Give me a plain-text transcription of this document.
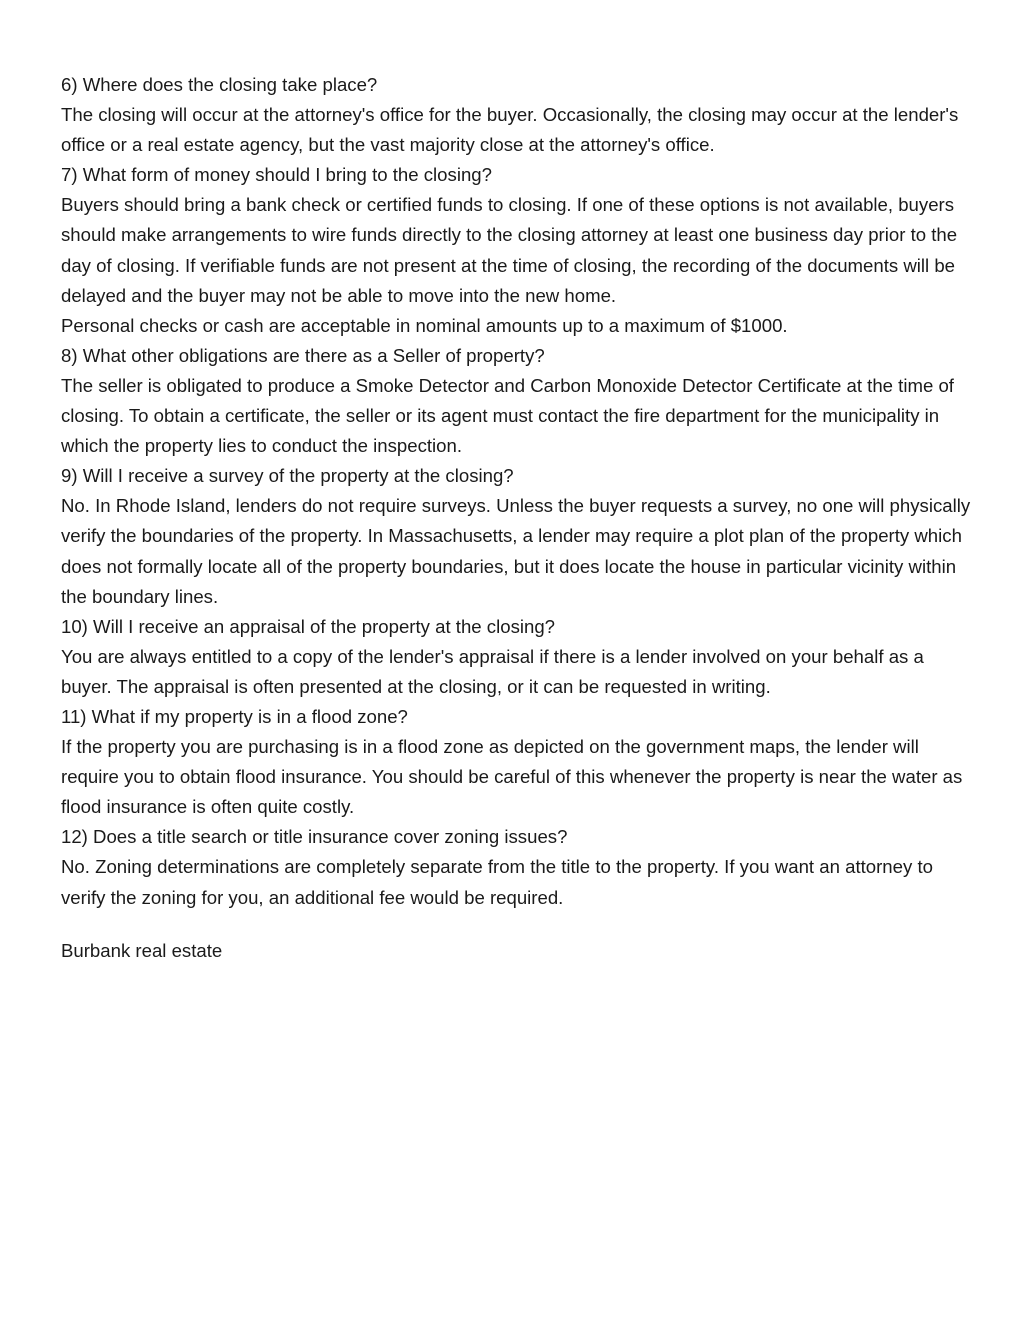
6) Where does the closing take place?

The closing will occur at the attorney's office for the buyer. Occasionally, the closing may occur at the lender's office or a real estate agency, but the vast majority close at the attorney's office.

7) What form of money should I bring to the closing?

Buyers should bring a bank check or certified funds to closing. If one of these options is not available, buyers should make arrangements to wire funds directly to the closing attorney at least one business day prior to the day of closing. If verifiable funds are not present at the time of closing, the recording of the documents will be delayed and the buyer may not be able to move into the new home.

Personal checks or cash are acceptable in nominal amounts up to a maximum of $1000.

8) What other obligations are there as a Seller of property?

The seller is obligated to produce a Smoke Detector and Carbon Monoxide Detector Certificate at the time of closing. To obtain a certificate, the seller or its agent must contact the fire department for the municipality in which the property lies to conduct the inspection.

9) Will I receive a survey of the property at the closing?

No. In Rhode Island, lenders do not require surveys. Unless the buyer requests a survey, no one will physically verify the boundaries of the property. In Massachusetts, a lender may require a plot plan of the property which does not formally locate all of the property boundaries, but it does locate the house in particular vicinity within the boundary lines.

10) Will I receive an appraisal of the property at the closing?

You are always entitled to a copy of the lender's appraisal if there is a lender involved on your behalf as a buyer. The appraisal is often presented at the closing, or it can be requested in writing.

11) What if my property is in a flood zone?

If the property you are purchasing is in a flood zone as depicted on the government maps, the lender will require you to obtain flood insurance. You should be careful of this whenever the property is near the water as flood insurance is often quite costly.

12) Does a title search or title insurance cover zoning issues?

No. Zoning determinations are completely separate from the title to the property. If you want an attorney to verify the zoning for you, an additional fee would be required.

Burbank real estate
